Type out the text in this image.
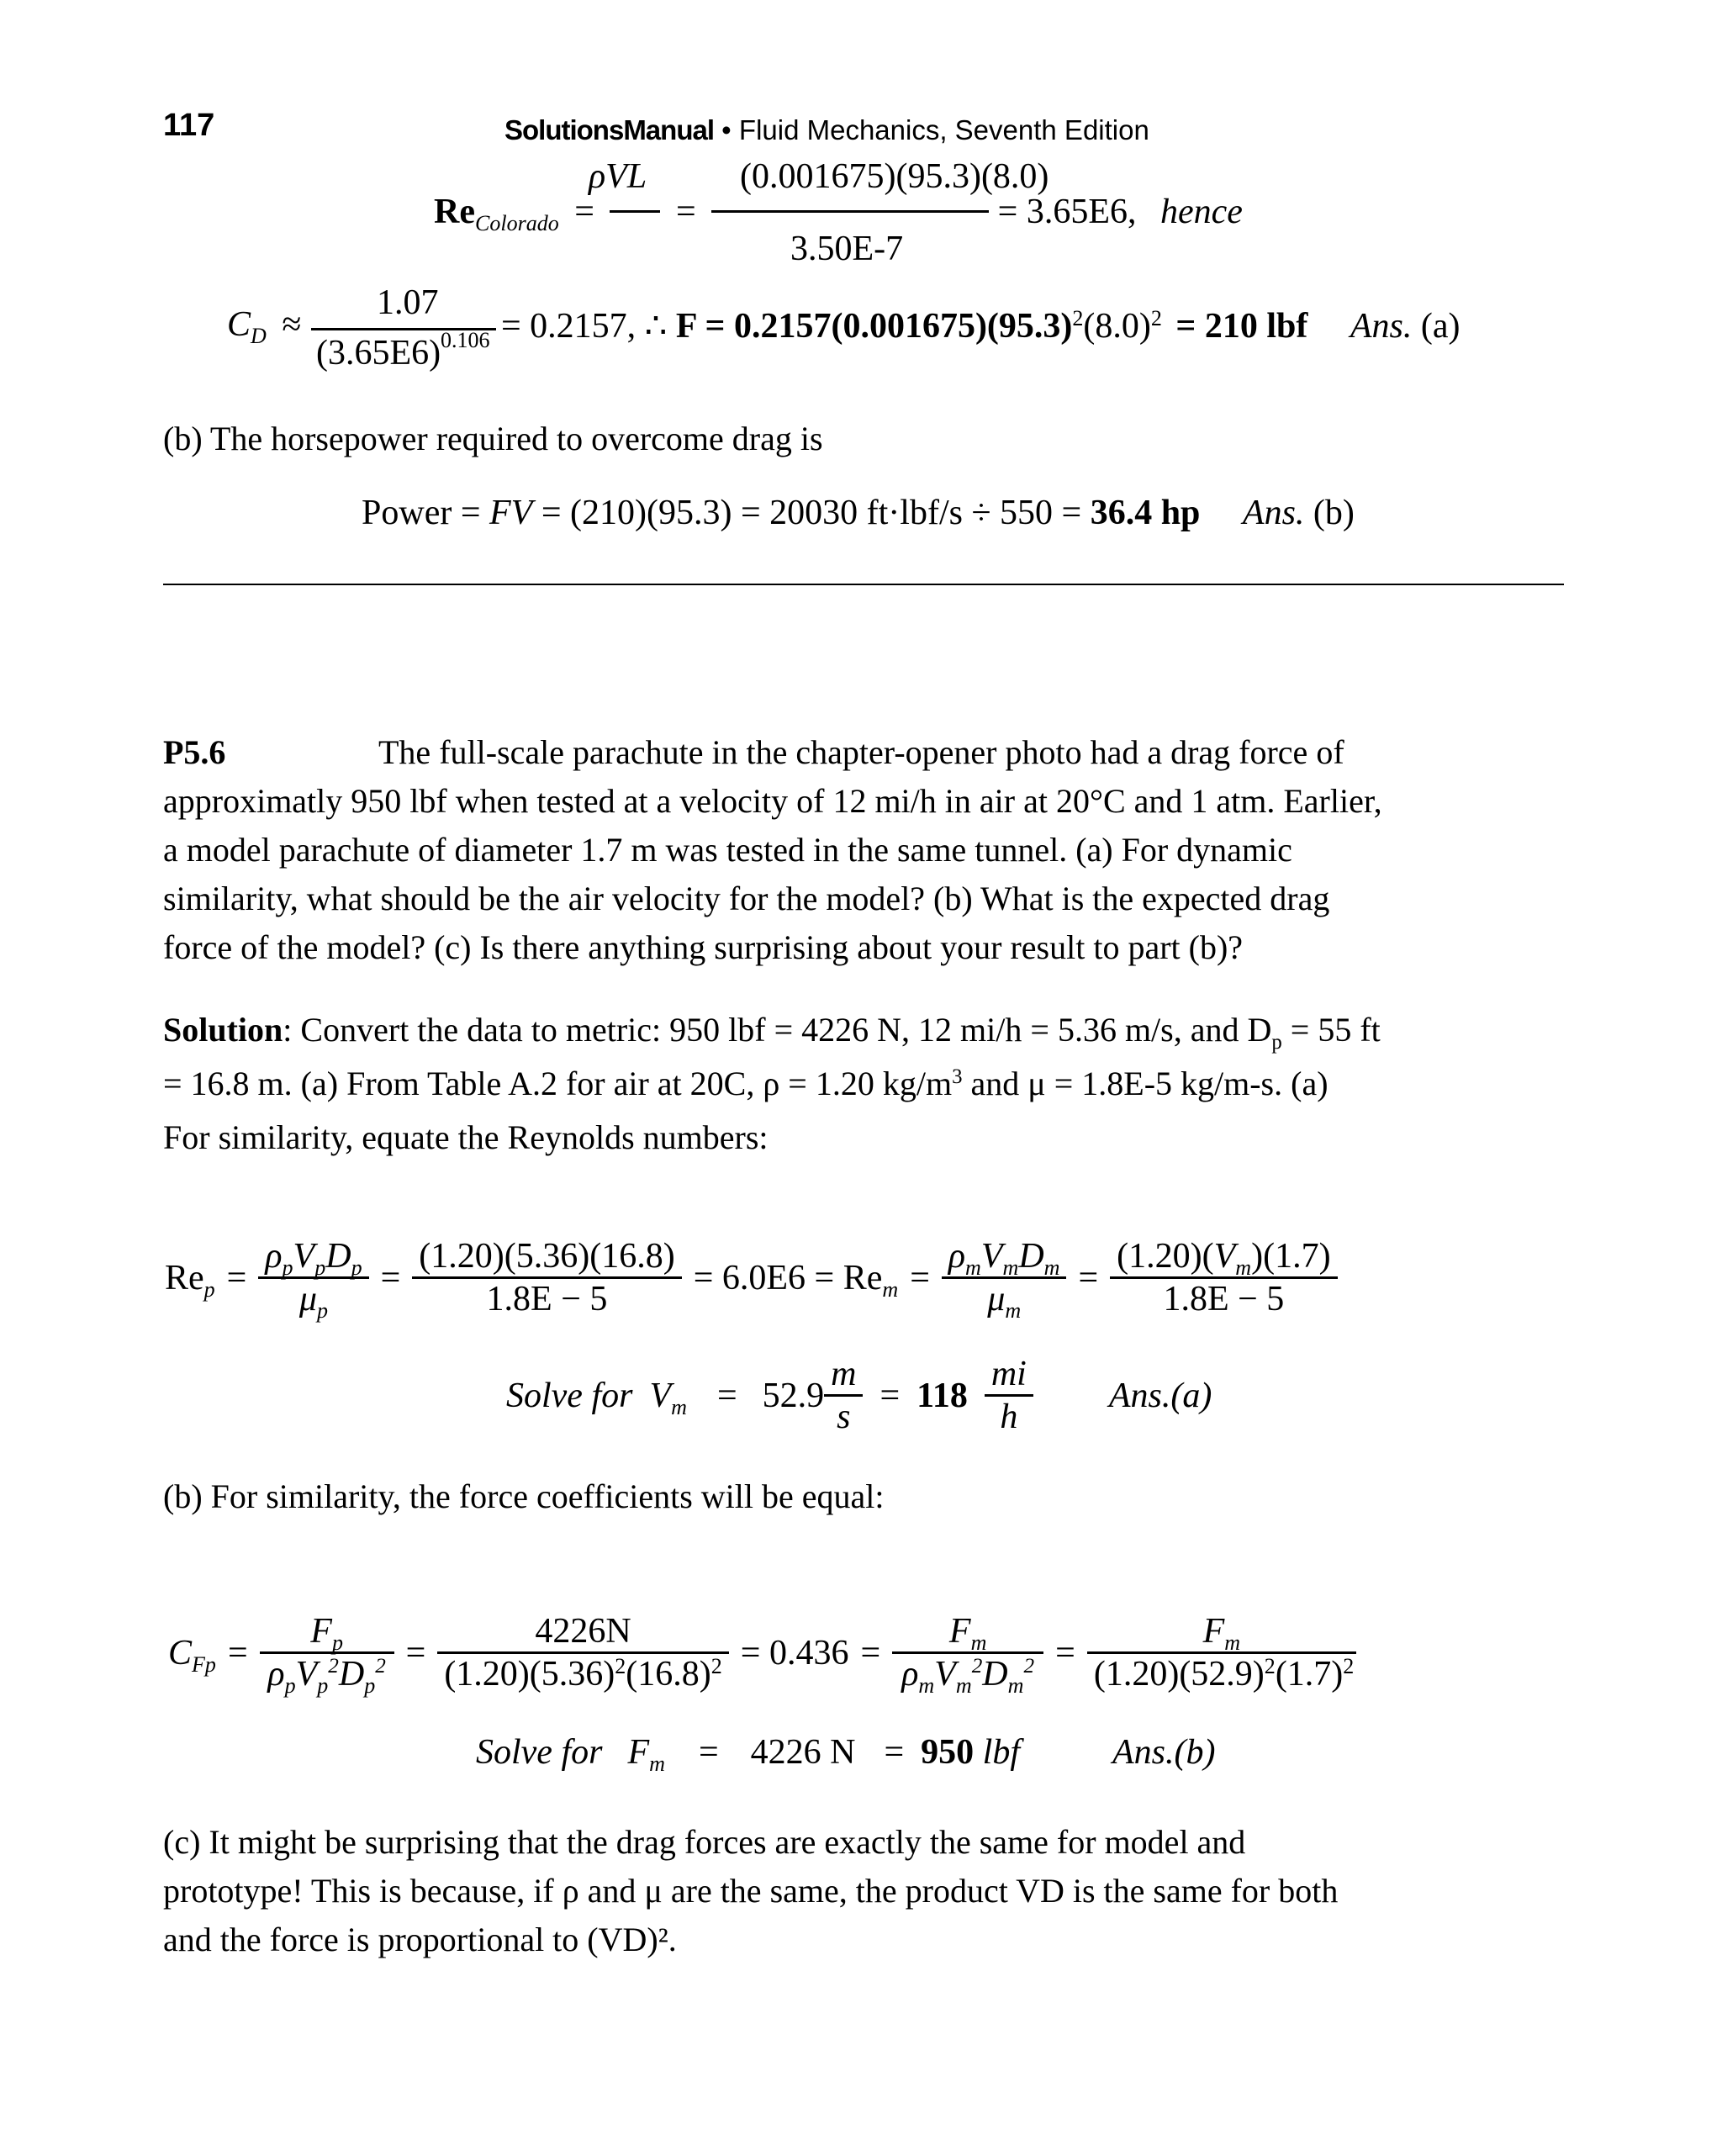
117	SolutionsManual • Fluid Mechanics, Seventh Edition
$Re_{Colorado}$ = =	= 3.65E6, hence
ρVL	(0.001675)(95.3)(8.0)
3.50E-7
$C_D$ ≈
1.07
(3.65E6) 0.106 = 0.2157, ∴ $F = 0.2157(0.001675)(95.3)^2(8.0)^2 = 210$ lbf Ans. (a)
(b) The horsepower required to overcome drag is
Power = FV = (210)(95.3) = 20030 ft·lbf/s ÷ 550 = 36.4 hp Ans. (b)
P5.6	The full-scale parachute in the chapter-opener photo had a drag force of
approximatly 950 lbf when tested at a velocity of 12 mi/h in air at 20°C and 1 atm. Earlier,
a model parachute of diameter 1.7 m was tested in the same tunnel. (a) For dynamic
similarity, what should be the air velocity for the model? (b) What is the expected drag
force of the model? (c) Is there anything surprising about your result to part (b)?
Solution: Convert the data to metric: 950 lbf = 4226 N, 12 mi/h = 5.36 m/s, and $D_p = 55$ ft
= 16.8 m. (a) From Table A.2 for air at 20C, ρ = 1.20 $kg/m^3$ and μ = 1.8E-5 kg/m-s. (a)
For similarity, equate the Reynolds numbers:
$Re_p = \frac{\rho_pV_pD_p}{\mu_p} = \frac{(1.20)(5.36)(16.8)}{1.8E - 5} = 6.0E6 = Re_m = \frac{\rho_mV_mD_m}{\mu_m} = \frac{(1.20)(V_m)(1.7)}{1.8E - 5}$
Solve for $V_m = 52.9 \frac{m}{s} = 118 \frac{mi}{h} Ans.(a)$
(b) For similarity, the force coefficients will be equal:
$C_{Fp} = \frac{F_p}{\rho_pV_p^2D_p^2} = \frac{4226N}{(1.20)(5.36)^2(16.8)^2} = 0.436 = \frac{F_m}{\rho_mV_m^2D_m^2} = \frac{F_m}{(1.20)(52.9)^2(1.7)^2}$
Solve for $F_m = 4226$ N = 950 lbf	Ans.(b)
(c) It might be surprising that the drag forces are exactly the same for model and
prototype! This is because, if ρ and μ are the same, the product VD is the same for both
and the force is proportional to (VD)².
